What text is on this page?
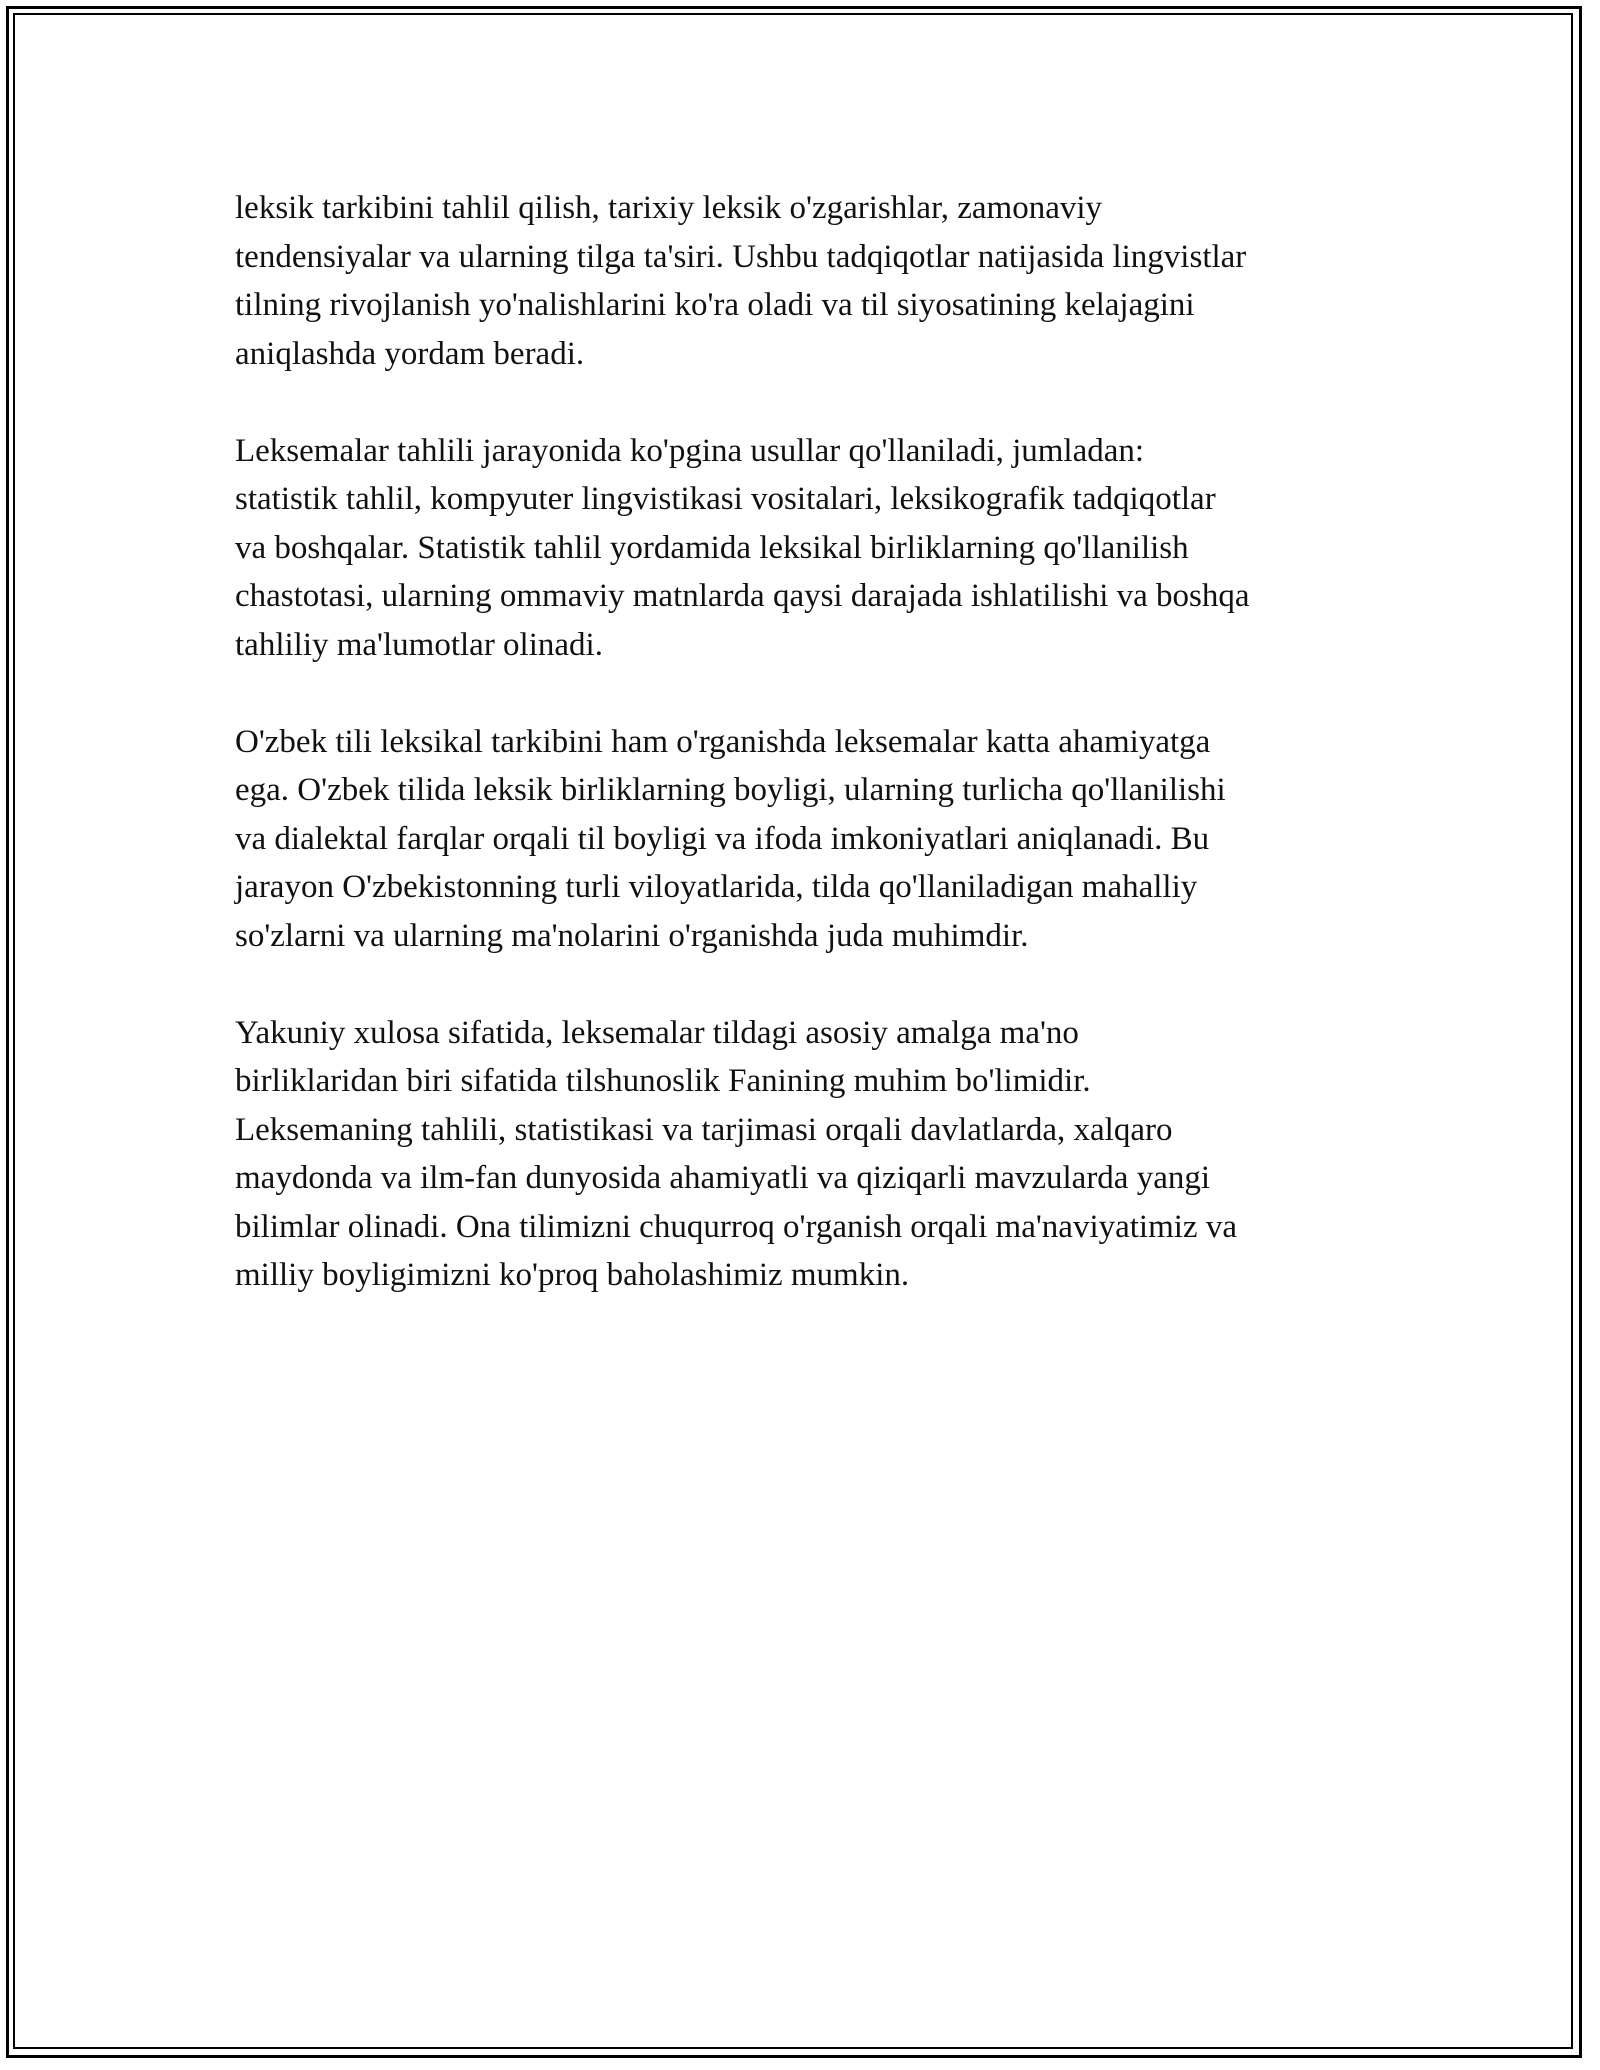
leksik tarkibini tahlil qilish, tarixiy leksik o'zgarishlar, zamonaviy
tendensiyalar va ularning tilga ta'siri. Ushbu tadqiqotlar natijasida lingvistlar
tilning rivojlanish yo'nalishlarini ko'ra oladi va til siyosatining kelajagini
aniqlashda yordam beradi.

Leksemalar tahlili jarayonida ko'pgina usullar qo'llaniladi, jumladan:
statistik tahlil, kompyuter lingvistikasi vositalari, leksikografik tadqiqotlar
va boshqalar. Statistik tahlil yordamida leksikal birliklarning qo'llanilish
chastotasi, ularning ommaviy matnlarda qaysi darajada ishlatilishi va boshqa
tahliliy ma'lumotlar olinadi.

O'zbek tili leksikal tarkibini ham o'rganishda leksemalar katta ahamiyatga
ega. O'zbek tilida leksik birliklarning boyligi, ularning turlicha qo'llanilishi
va dialektal farqlar orqali til boyligi va ifoda imkoniyatlari aniqlanadi. Bu
jarayon O'zbekistonning turli viloyatlarida, tilda qo'llaniladigan mahalliy
so'zlarni va ularning ma'nolarini o'rganishda juda muhimdir.

Yakuniy xulosa sifatida, leksemalar tildagi asosiy amalga ma'no
birliklaridan biri sifatida tilshunoslik Fanining muhim bo'limidir.
Leksemaning tahlili, statistikasi va tarjimasi orqali davlatlarda, xalqaro
maydonda va ilm-fan dunyosida ahamiyatli va qiziqarli mavzularda yangi
bilimlar olinadi. Ona tilimizni chuqurroq o'rganish orqali ma'naviyatimiz va
milliy boyligimizni ko'proq baholashimiz mumkin.
